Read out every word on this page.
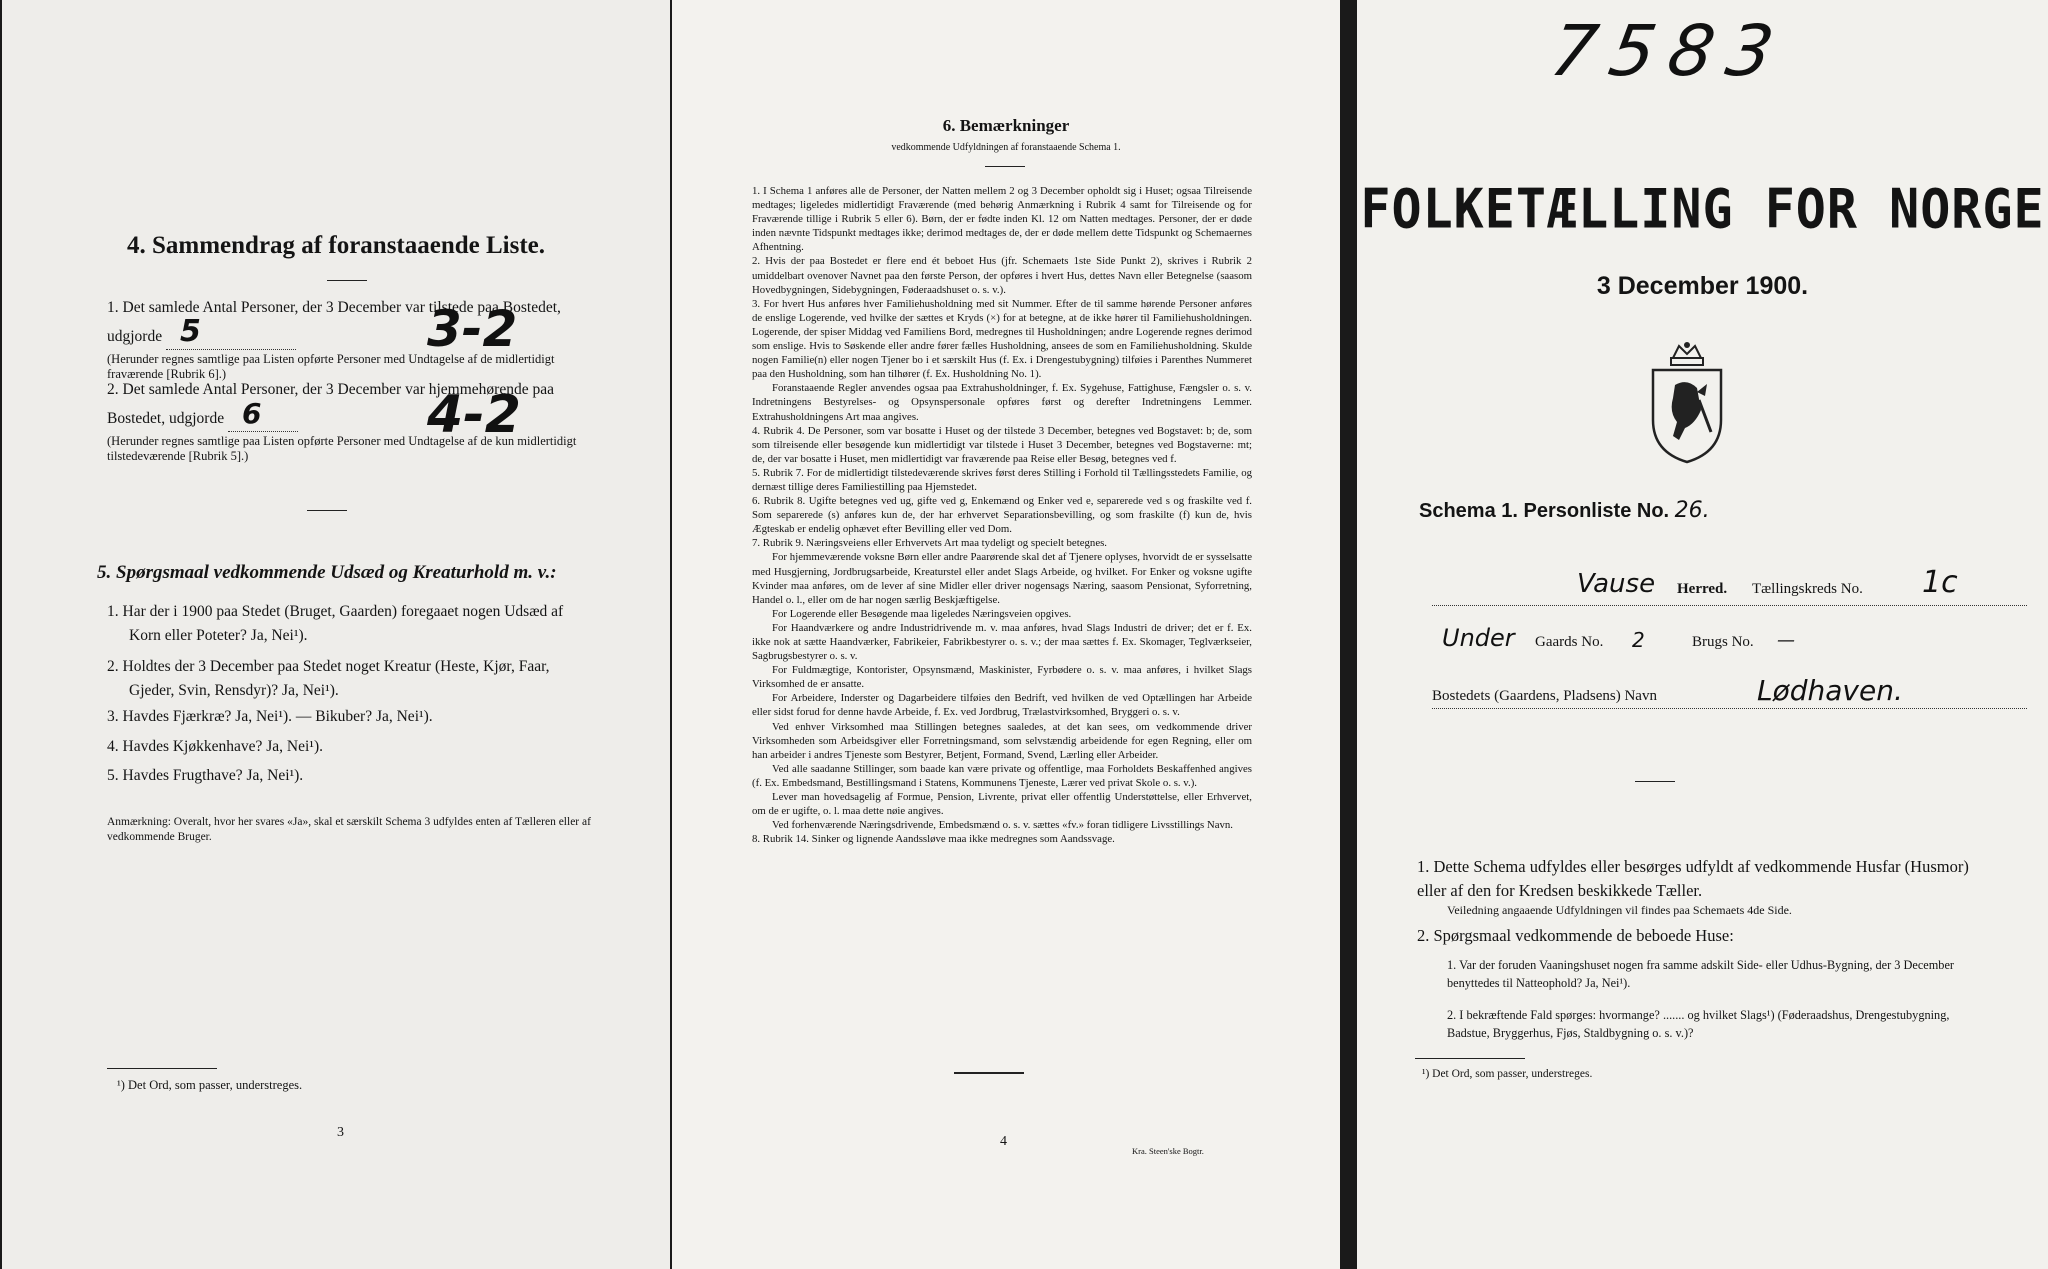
4. Sammendrag af foranstaaende Liste.
1. Det samlede Antal Personer, der 3 December var tilstede paa Bostedet,
udgjorde 5
(Herunder regnes samtlige paa Listen opførte Personer med Undtagelse af de midlertidigt fraværende [Rubrik 6].)
3-2
2. Det samlede Antal Personer, der 3 December var hjemmehørende paa
Bostedet, udgjorde 6
(Herunder regnes samtlige paa Listen opførte Personer med Undtagelse af de kun midlertidigt tilstedeværende [Rubrik 5].)
4-2
5. Spørgsmaal vedkommende Udsæd og Kreaturhold m. v.:
1. Har der i 1900 paa Stedet (Bruget, Gaarden) foregaaet nogen Udsæd af
Korn eller Poteter? Ja, Nei¹).
2. Holdtes der 3 December paa Stedet noget Kreatur (Heste, Kjør, Faar,
Gjeder, Svin, Rensdyr)? Ja, Nei¹).
3. Havdes Fjærkræ? Ja, Nei¹). — Bikuber? Ja, Nei¹).
4. Havdes Kjøkkenhave? Ja, Nei¹).
5. Havdes Frugthave? Ja, Nei¹).
Anmærkning: Overalt, hvor her svares «Ja», skal et særskilt Schema 3 udfyldes enten af Tælleren eller af vedkommende Bruger.
¹) Det Ord, som passer, understreges.
3
6. Bemærkninger
vedkommende Udfyldningen af foranstaaende Schema 1.

1. I Schema 1 anføres alle de Personer, der Natten mellem 2 og 3 December opholdt sig i Huset; ogsaa Tilreisende medtages; ligeledes midlertidigt Fraværende (med behørig Anmærkning i Rubrik 4 samt for Tilreisende og for Fraværende tillige i Rubrik 5 eller 6). Børn, der er fødte inden Kl. 12 om Natten medtages. Personer, der er døde inden nævnte Tidspunkt medtages ikke; derimod medtages de, der er døde mellem dette Tidspunkt og Schemaernes Afhentning.

2. Hvis der paa Bostedet er flere end ét beboet Hus (jfr. Schemaets 1ste Side Punkt 2), skrives i Rubrik 2 umiddelbart ovenover Navnet paa den første Person, der opføres i hvert Hus, dettes Navn eller Betegnelse (saasom Hovedbygningen, Sidebygningen, Føderaadshuset o. s. v.).

3. For hvert Hus anføres hver Familiehusholdning med sit Nummer. Efter de til samme hørende Personer anføres de enslige Logerende, ved hvilke der sættes et Kryds (×) for at betegne, at de ikke hører til Familiehusholdningen. Logerende, der spiser Middag ved Familiens Bord, medregnes til Husholdningen; andre Logerende regnes derimod som enslige. Hvis to Søskende eller andre fører fælles Husholdning, ansees de som en Familiehusholdning. Skulde nogen Familie(n) eller nogen Tjener bo i et særskilt Hus (f. Ex. i Drengestubygning) tilføies i Parenthes Nummeret paa den Husholdning, som han tilhører (f. Ex. Husholdning No. 1).

Foranstaaende Regler anvendes ogsaa paa Extrahusholdninger, f. Ex. Sygehuse, Fattighuse, Fængsler o. s. v. Indretningens Bestyrelses- og Opsynspersonale opføres først og derefter Indretningens Lemmer. Extrahusholdningens Art maa angives.

4. Rubrik 4. De Personer, som var bosatte i Huset og der tilstede 3 December, betegnes ved Bogstavet: b; de, som som tilreisende eller besøgende kun midlertidigt var tilstede i Huset 3 December, betegnes ved Bogstaverne: mt; de, der var bosatte i Huset, men midlertidigt var fraværende paa Reise eller Besøg, betegnes ved f.

5. Rubrik 7. For de midlertidigt tilstedeværende skrives først deres Stilling i Forhold til Tællingsstedets Familie, og dernæst tillige deres Familiestilling paa Hjemstedet.

6. Rubrik 8. Ugifte betegnes ved ug, gifte ved g, Enkemænd og Enker ved e, separerede ved s og fraskilte ved f. Som separerede (s) anføres kun de, der har erhvervet Separationsbevilling, og som fraskilte (f) kun de, hvis Ægteskab er endelig ophævet efter Bevilling eller ved Dom.

7. Rubrik 9. Næringsveiens eller Erhvervets Art maa tydeligt og specielt betegnes.

For hjemmeværende voksne Børn eller andre Paarørende skal det af Tjenere oplyses, hvorvidt de er sysselsatte med Husgjerning, Jordbrugsarbeide, Kreaturstel eller andet Slags Arbeide, og hvilket. For Enker og voksne ugifte Kvinder maa anføres, om de lever af sine Midler eller driver nogensags Næring, saasom Pensionat, Syforretning, Handel o. l., eller om de har nogen særlig Beskjæftigelse.

For Logerende eller Besøgende maa ligeledes Næringsveien opgives.

For Haandværkere og andre Industridrivende m. v. maa anføres, hvad Slags Industri de driver; det er f. Ex. ikke nok at sætte Haandværker, Fabrikeier, Fabrikbestyrer o. s. v.; der maa sættes f. Ex. Skomager, Teglværkseier, Sagbrugsbestyrer o. s. v.

For Fuldmægtige, Kontorister, Opsynsmænd, Maskinister, Fyrbødere o. s. v. maa anføres, i hvilket Slags Virksomhed de er ansatte.

For Arbeidere, Inderster og Dagarbeidere tilføies den Bedrift, ved hvilken de ved Optællingen har Arbeide eller sidst forud for denne havde Arbeide, f. Ex. ved Jordbrug, Trælastvirksomhed, Bryggeri o. s. v.

Ved enhver Virksomhed maa Stillingen betegnes saaledes, at det kan sees, om vedkommende driver Virksomheden som Arbeidsgiver eller Forretningsmand, som selvstændig arbeidende for egen Regning, eller om han arbeider i andres Tjeneste som Bestyrer, Betjent, Formand, Svend, Lærling eller Arbeider.

Ved alle saadanne Stillinger, som baade kan være private og offentlige, maa Forholdets Beskaffenhed angives (f. Ex. Embedsmand, Bestillingsmand i Statens, Kommunens Tjeneste, Lærer ved privat Skole o. s. v.).

Lever man hovedsagelig af Formue, Pension, Livrente, privat eller offentlig Understøttelse, eller Erhvervet, om de er ugifte, o. l. maa dette nøie angives.

Ved forhenværende Næringsdrivende, Embedsmænd o. s. v. sættes «fv.» foran tidligere Livsstillings Navn.

8. Rubrik 14. Sinker og lignende Aandssløve maa ikke medregnes som Aandssvage.

4
Kra. Steen'ske Bogtr.
7583
FOLKETÆLLING FOR NORGE
3 December 1900.
Schema 1. Personliste No. 26.
Vause Herred. Tællingskreds No. 1c
Under Gaards No. 2	Brugs No. —
Bostedets (Gaardens, Pladsens) Navn	Lødhaven.
1. Dette Schema udfyldes eller besørges udfyldt af vedkommende Husfar (Husmor) eller af den for Kredsen beskikkede Tæller.
Veiledning angaaende Udfyldningen vil findes paa Schemaets 4de Side.
2. Spørgsmaal vedkommende de beboede Huse:
1. Var der foruden Vaaningshuset nogen fra samme adskilt Side- eller Udhus-Bygning, der 3 December benyttedes til Natteophold? Ja, Nei¹).
2. I bekræftende Fald spørges: hvormange? ....... og hvilket Slags¹) (Føderaadshus, Drengestubygning, Badstue, Bryggerhus, Fjøs, Staldbygning o. s. v.)?
¹) Det Ord, som passer, understreges.
